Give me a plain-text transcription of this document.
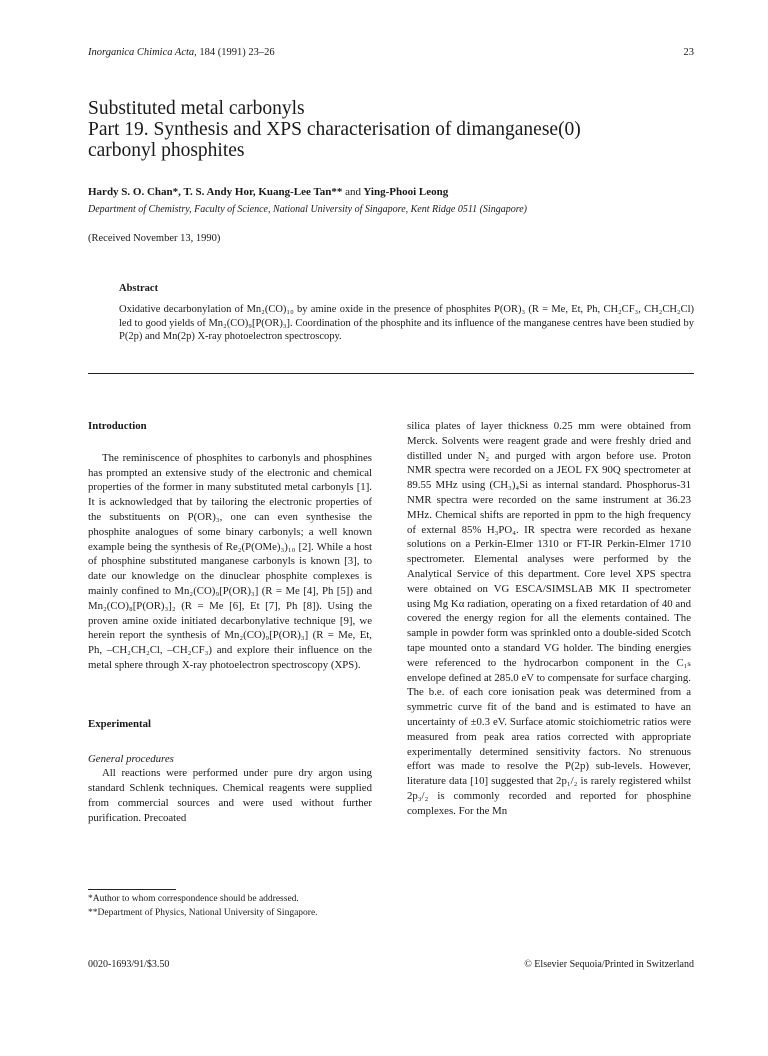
Inorganica Chimica Acta, 184 (1991) 23–26	23
Substituted metal carbonyls
Part 19. Synthesis and XPS characterisation of dimanganese(0)
carbonyl phosphites
Hardy S. O. Chan*, T. S. Andy Hor, Kuang-Lee Tan** and Ying-Phooi Leong
Department of Chemistry, Faculty of Science, National University of Singapore, Kent Ridge 0511 (Singapore)
(Received November 13, 1990)
Abstract
Oxidative decarbonylation of Mn₂(CO)₁₀ by amine oxide in the presence of phosphites P(OR)₃ (R = Me, Et, Ph, CH₂CF₃, CH₂CH₂Cl) led to good yields of Mn₂(CO)₉[P(OR)₃]. Coordination of the phosphite and its influence of the manganese centres have been studied by P(2p) and Mn(2p) X-ray photoelectron spectroscopy.
Introduction

The reminiscence of phosphites to carbonyls and phosphines has prompted an extensive study of the electronic and chemical properties of the former in many substituted metal carbonyls [1]. It is acknowledged that by tailoring the electronic properties of the substituents on P(OR)₃, one can even synthesise the phosphite analogues of some binary carbonyls; a well known example being the synthesis of Re₂(P(OMe)₃)₁₀ [2]. While a host of phosphine substituted manganese carbonyls is known [3], to date our knowledge on the dinuclear phosphite complexes is mainly confined to Mn₂(CO)₉[P(OR)₃] (R = Me [4], Ph [5]) and Mn₂(CO)₈[P(OR)₃]₂ (R = Me [6], Et [7], Ph [8]). Using the proven amine oxide initiated decarbonylative technique [9], we herein report the synthesis of Mn₂(CO)₉[P(OR)₃] (R = Me, Et, Ph, –CH₂CH₂Cl, –CH₂CF₃) and explore their influence on the metal sphere through X-ray photoelectron spectroscopy (XPS).

Experimental
General procedures

All reactions were performed under pure dry argon using standard Schlenk techniques. Chemical reagents were supplied from commercial sources and were used without further purification. Precoated

silica plates of layer thickness 0.25 mm were obtained from Merck. Solvents were reagent grade and were freshly dried and distilled under N₂ and purged with argon before use. Proton NMR spectra were recorded on a JEOL FX 90Q spectrometer at 89.55 MHz using (CH₃)₄Si as internal standard. Phosphorus-31 NMR spectra were recorded on the same instrument at 36.23 MHz. Chemical shifts are reported in ppm to the high frequency of external 85% H₃PO₄. IR spectra were recorded as hexane solutions on a Perkin-Elmer 1310 or FT-IR Perkin-Elmer 1710 spectrometer. Elemental analyses were performed by the Analytical Service of this department. Core level XPS spectra were obtained on VG ESCA/SIMSLAB MK II spectrometer using Mg Kα radiation, operating on a fixed retardation of 40 and covered the energy region for all the elements contained. The sample in powder form was sprinkled onto a double-sided Scotch tape mounted onto a standard VG holder. The binding energies were referenced to the hydrocarbon component in the C₁ₛ envelope defined at 285.0 eV to compensate for surface charging. The b.e. of each core ionisation peak was determined from a symmetric curve fit of the band and is estimated to have an uncertainty of ±0.3 eV. Surface atomic stoichiometric ratios were measured from peak area ratios corrected with appropriate experimentally determined sensitivity factors. No strenuous effort was made to resolve the P(2p) sub-levels. However, literature data [10] suggested that 2p₁/₂ is rarely registered whilst 2p₃/₂ is commonly recorded and reported for phosphine complexes. For the Mn

*Author to whom correspondence should be addressed.
**Department of Physics, National University of Singapore.
0020-1693/91/$3.50	© Elsevier Sequoia/Printed in Switzerland
